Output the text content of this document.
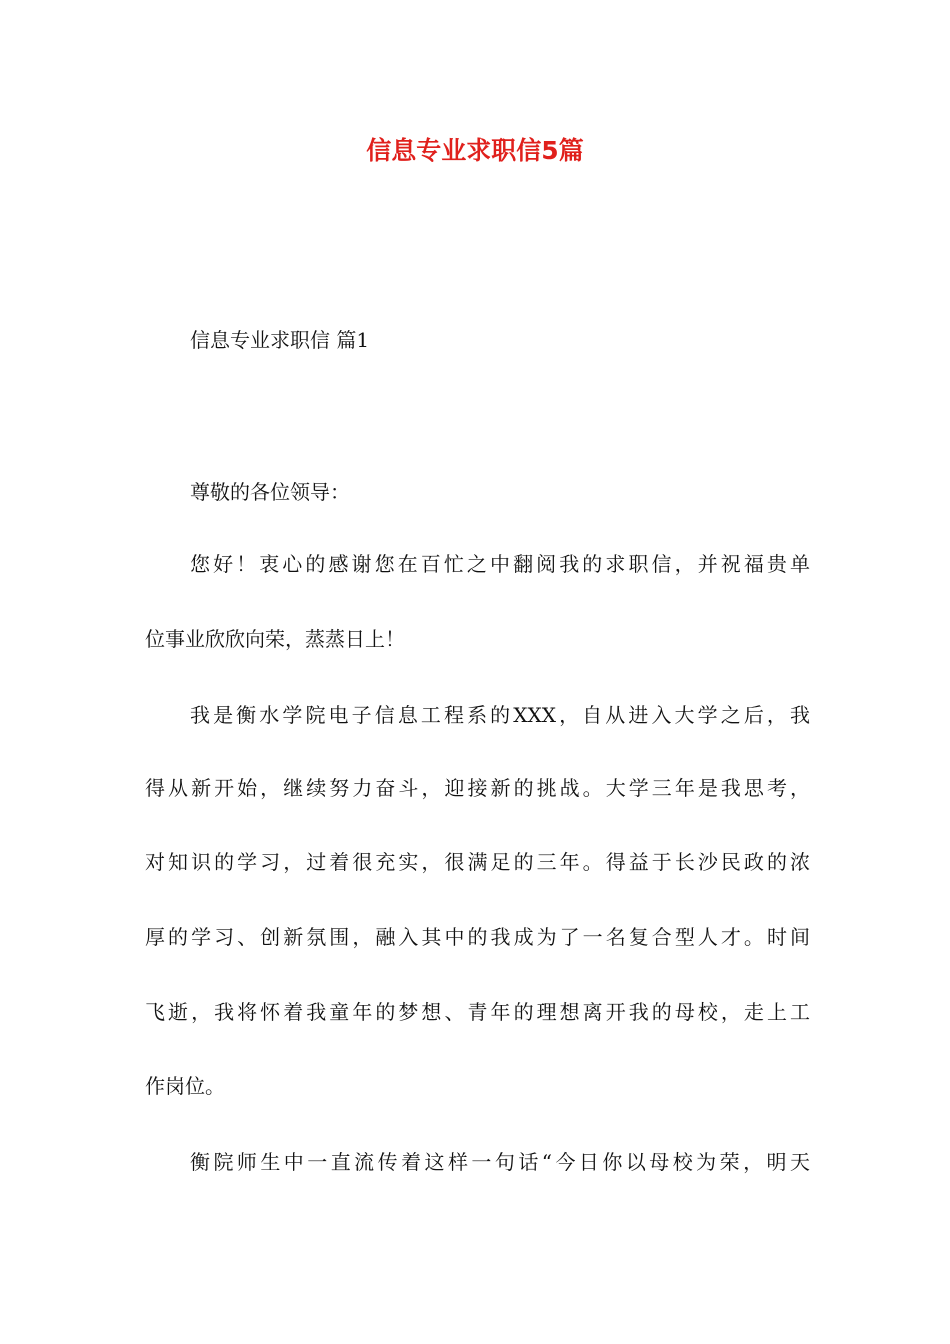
信息专业求职信5篇

信息专业求职信 篇1

尊敬的各位领导：

您好！衷心的感谢您在百忙之中翻阅我的求职信，并祝福贵单

位事业欣欣向荣，蒸蒸日上！

我是衡水学院电子信息工程系的XXX，自从进入大学之后，我

得从新开始，继续努力奋斗，迎接新的挑战。大学三年是我思考，

对知识的学习，过着很充实，很满足的三年。得益于长沙民政的浓

厚的学习、创新氛围，融入其中的我成为了一名复合型人才。时间

飞逝，我将怀着我童年的梦想、青年的理想离开我的母校，走上工

作岗位。

衡院师生中一直流传着这样一句话“今日你以母校为荣，明天
